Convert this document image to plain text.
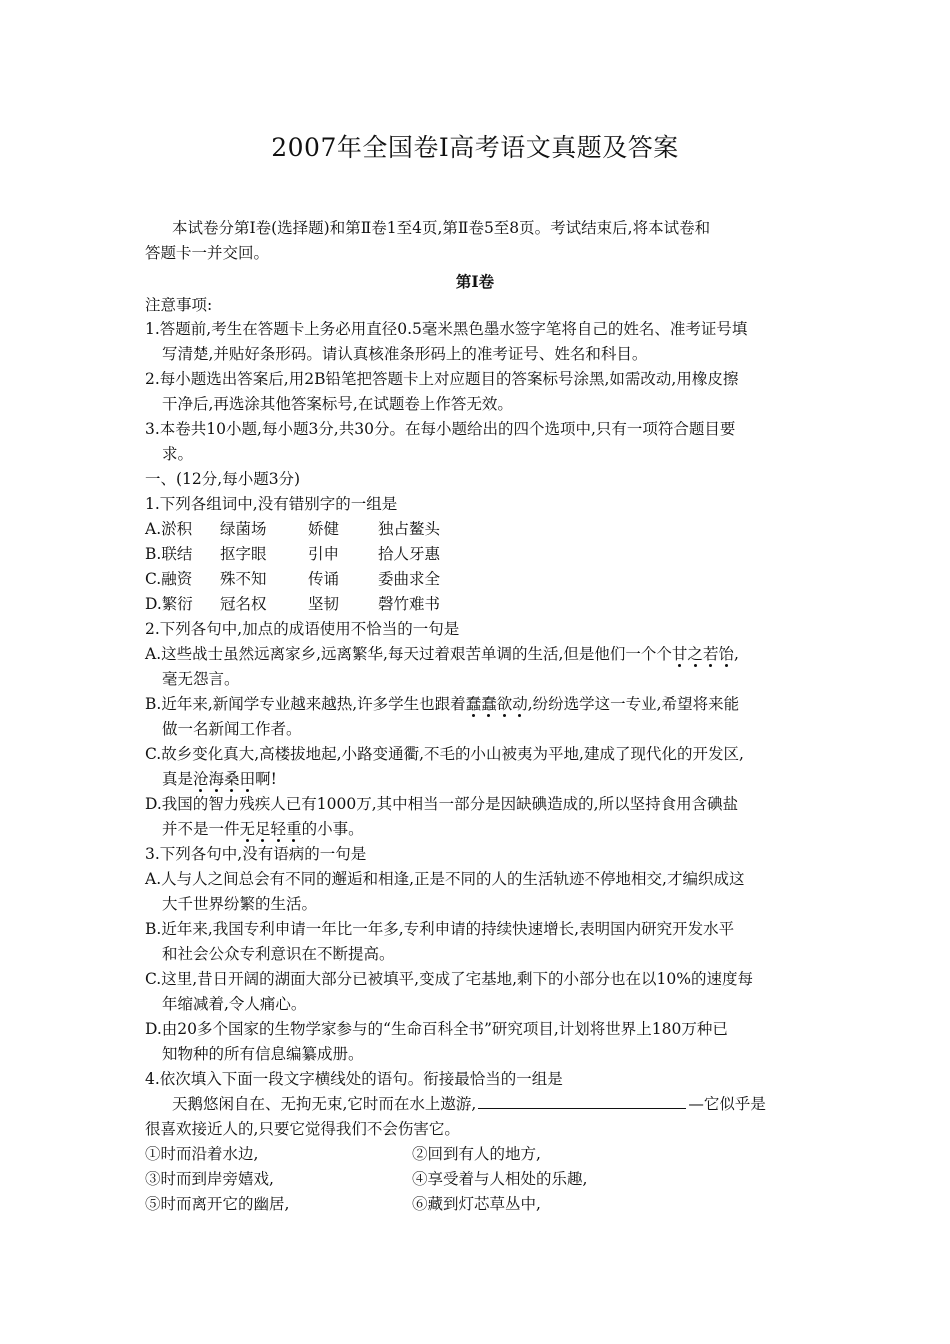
2007年全国卷I高考语文真题及答案
本试卷分第Ⅰ卷(选择题)和第Ⅱ卷1至4页,第Ⅱ卷5至8页。考试结束后,将本试卷和
答题卡一并交回。
第Ⅰ卷
注意事项:
1.答题前,考生在答题卡上务必用直径0.5毫米黑色墨水签字笔将自己的姓名、准考证号填
写清楚,并贴好条形码。请认真核准条形码上的准考证号、姓名和科目。
2.每小题选出答案后,用2B铅笔把答题卡上对应题目的答案标号涂黑,如需改动,用橡皮擦
干净后,再选涂其他答案标号,在试题卷上作答无效。
3.本卷共10小题,每小题3分,共30分。在每小题给出的四个选项中,只有一项符合题目要
求。
一、(12分,每小题3分)
1.下列各组词中,没有错别字的一组是
A.淤积 绿菌场	娇健	独占鳌头
B.联结 抠字眼	引申	拾人牙惠
C.融资 殊不知	传诵	委曲求全
D.繁衍 冠名权	坚韧	磬竹难书
2.下列各句中,加点的成语使用不恰当的一句是
A.这些战士虽然远离家乡,远离繁华,每天过着艰苦单调的生活,但是他们一个个甘之若饴,
毫无怨言。
B.近年来,新闻学专业越来越热,许多学生也跟着蠢蠢欲动,纷纷选学这一专业,希望将来能
做一名新闻工作者。
C.故乡变化真大,高楼拔地起,小路变通衢,不毛的小山被夷为平地,建成了现代化的开发区,
真是沧海桑田啊!
D.我国的智力残疾人已有1000万,其中相当一部分是因缺碘造成的,所以坚持食用含碘盐
并不是一件无足轻重的小事。
3.下列各句中,没有语病的一句是
A.人与人之间总会有不同的邂逅和相逢,正是不同的人的生活轨迹不停地相交,才编织成这
大千世界纷繁的生活。
B.近年来,我国专利申请一年比一年多,专利申请的持续快速增长,表明国内研究开发水平
和社会公众专利意识在不断提高。
C.这里,昔日开阔的湖面大部分已被填平,变成了宅基地,剩下的小部分也在以10%的速度每
年缩减着,令人痛心。
D.由20多个国家的生物学家参与的“生命百科全书”研究项目,计划将世界上180万种已
知物种的所有信息编纂成册。
4.依次填入下面一段文字横线处的语句。衔接最恰当的一组是
天鹅悠闲自在、无拘无束,它时而在水上遨游,	—它似乎是
很喜欢接近人的,只要它觉得我们不会伤害它。
①时而沿着水边,	②回到有人的地方,
③时而到岸旁嬉戏,	④享受着与人相处的乐趣,
⑤时而离开它的幽居,	⑥藏到灯芯草丛中,
